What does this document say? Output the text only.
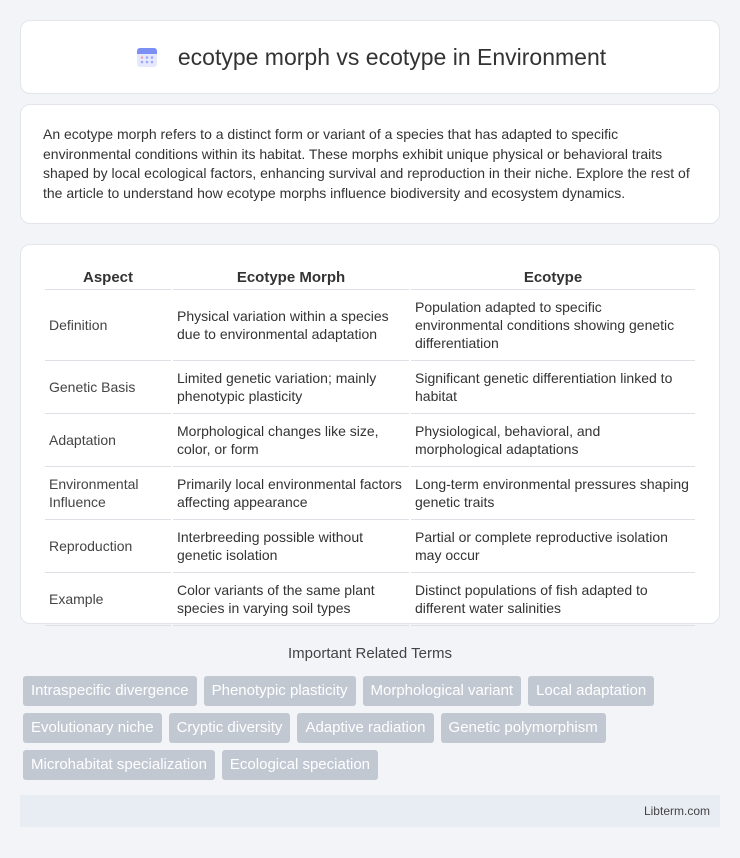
ecotype morph vs ecotype in Environment

An ecotype morph refers to a distinct form or variant of a species that has adapted to specific environmental conditions within its habitat. These morphs exhibit unique physical or behavioral traits shaped by local ecological factors, enhancing survival and reproduction in their niche. Explore the rest of the article to understand how ecotype morphs influence biodiversity and ecosystem dynamics.

Aspect	Ecotype Morph	Ecotype
Definition	Physical variation within a species due to environmental adaptation	Population adapted to specific environmental conditions showing genetic differentiation
Genetic Basis	Limited genetic variation; mainly phenotypic plasticity	Significant genetic differentiation linked to habitat
Adaptation	Morphological changes like size, color, or form	Physiological, behavioral, and morphological adaptations
Environmental Influence	Primarily local environmental factors affecting appearance	Long-term environmental pressures shaping genetic traits
Reproduction	Interbreeding possible without genetic isolation	Partial or complete reproductive isolation may occur
Example	Color variants of the same plant species in varying soil types	Distinct populations of fish adapted to different water salinities
Important Related Terms
Intraspecific divergence	Phenotypic plasticity	Morphological variant	Local adaptation
Evolutionary niche	Cryptic diversity	Adaptive radiation	Genetic polymorphism
Microhabitat specialization	Ecological speciation
Libterm.com
